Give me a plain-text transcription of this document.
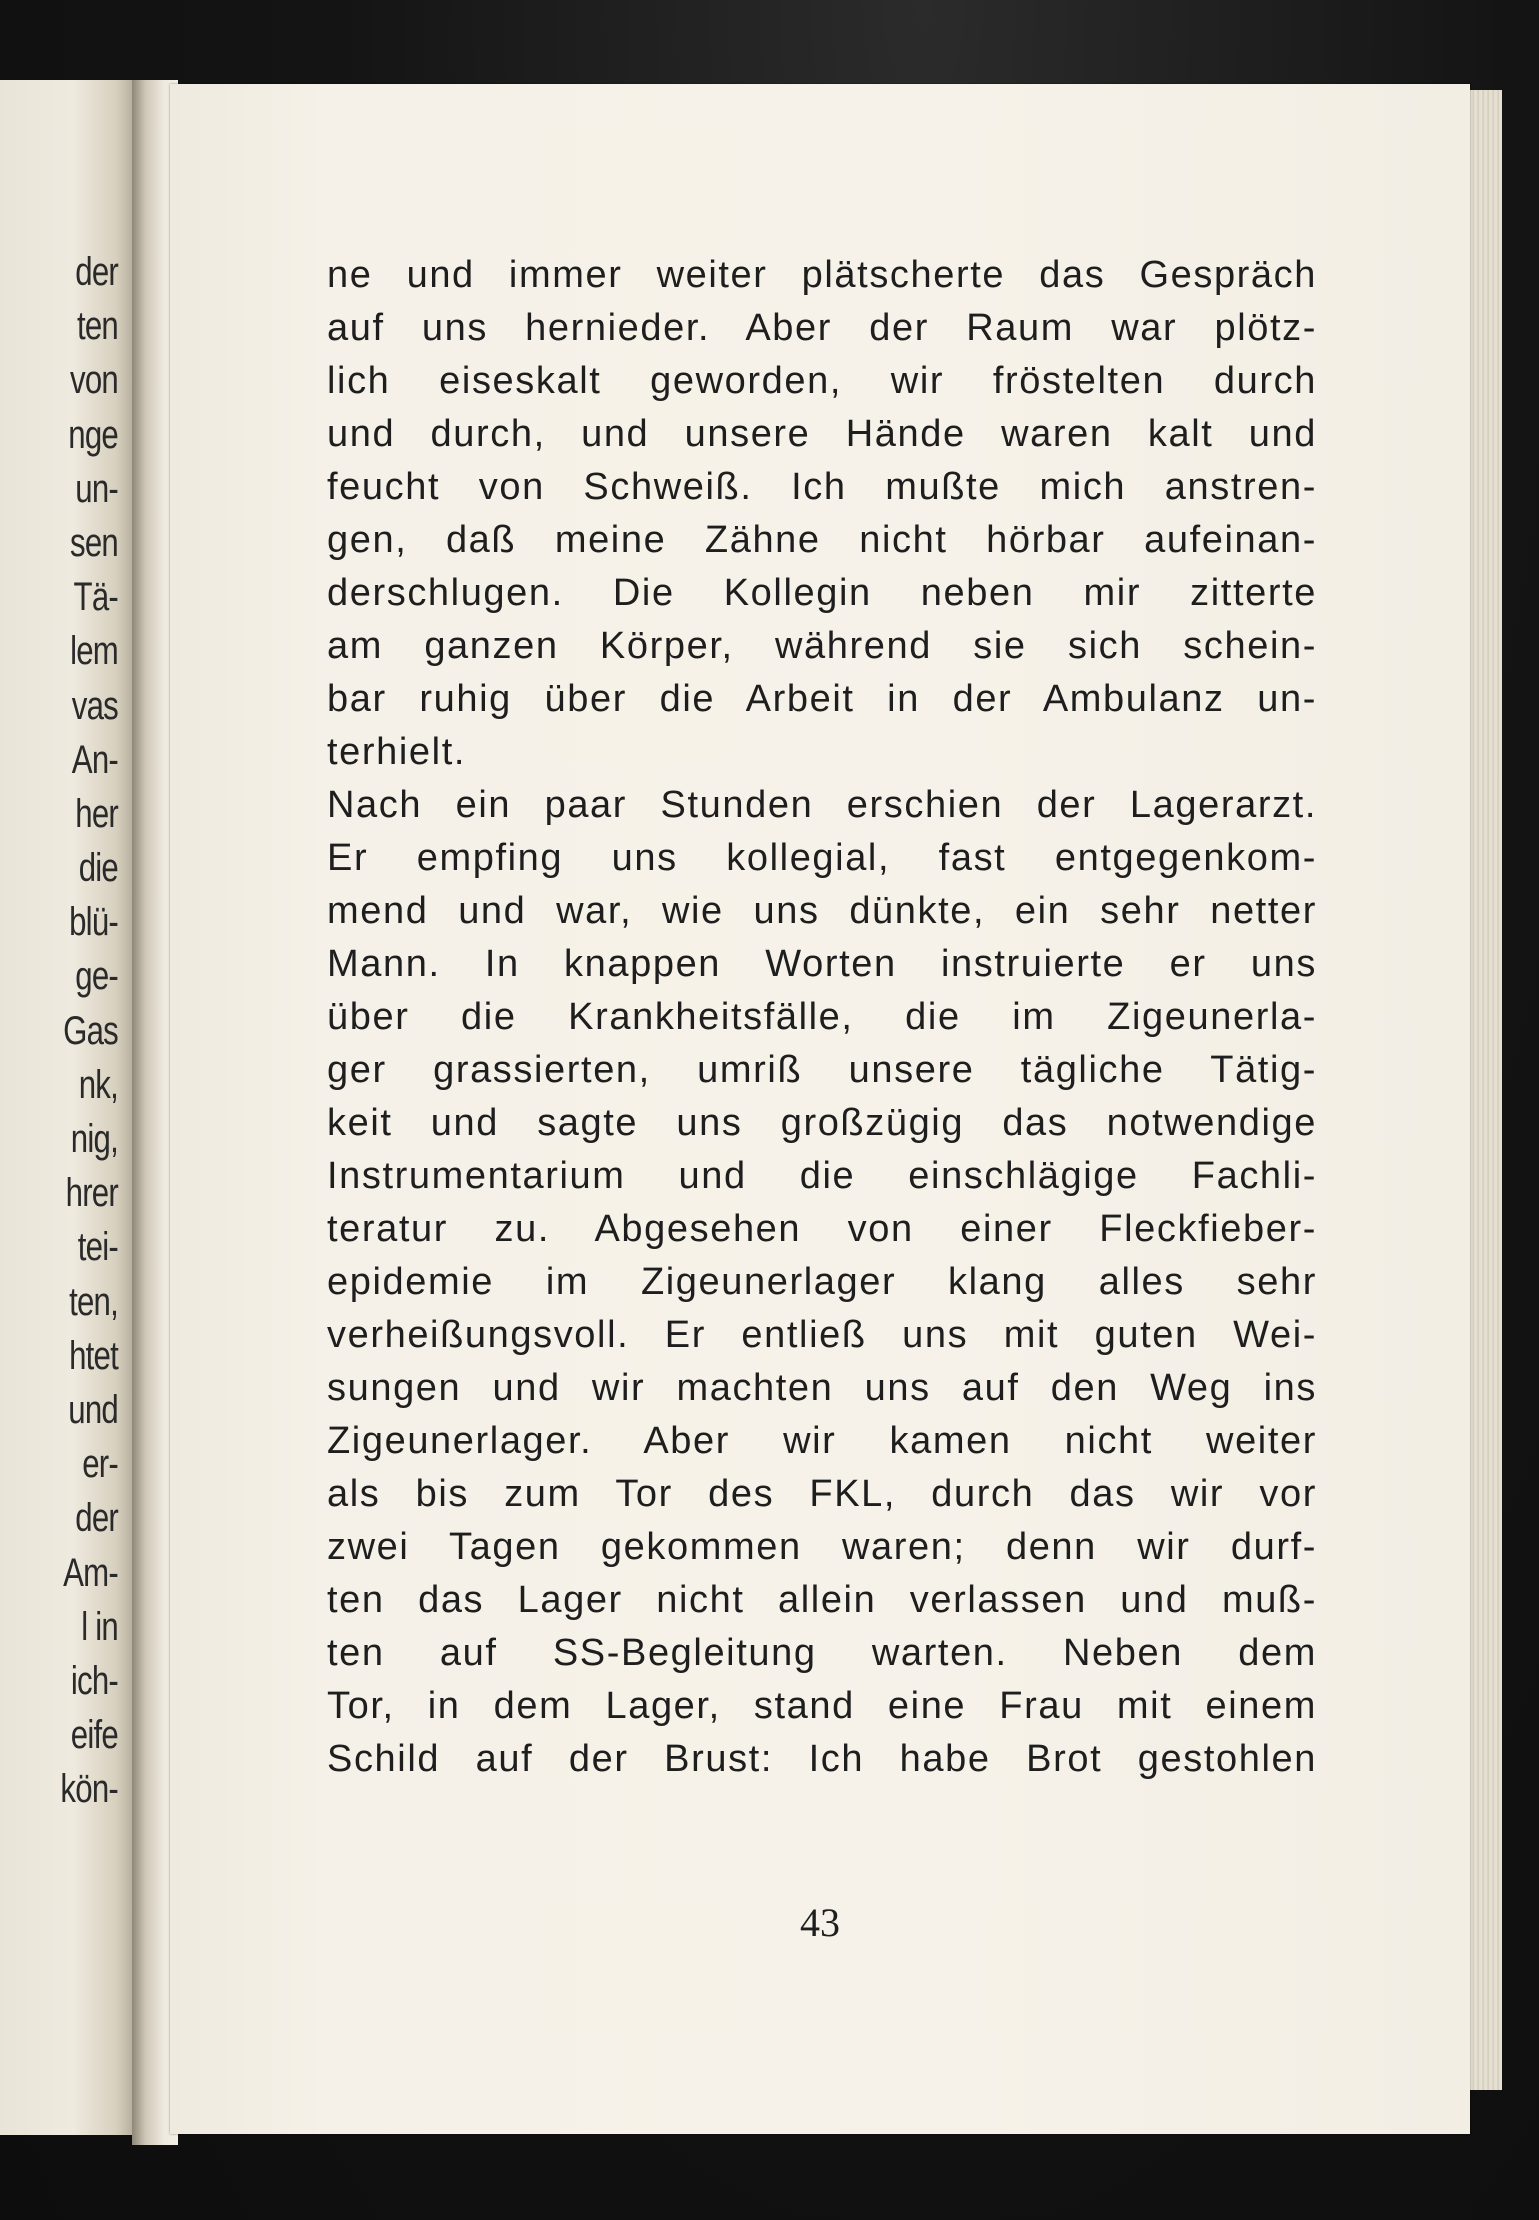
der
ten
von
nge
un-
sen
Tä-
lem
vas
An-
her
die
blü-
ge-
Gas
nk,
nig,
hrer
tei-
ten,
htet
und
er-
der
Am-
l in
ich-
eife
kön-
ne und immer weiter plätscherte das Gespräch
auf uns hernieder. Aber der Raum war plötz-
lich eiseskalt geworden, wir fröstelten durch
und durch, und unsere Hände waren kalt und
feucht von Schweiß. Ich mußte mich anstren-
gen, daß meine Zähne nicht hörbar aufeinan-
derschlugen. Die Kollegin neben mir zitterte
am ganzen Körper, während sie sich schein-
bar ruhig über die Arbeit in der Ambulanz un-
terhielt.
Nach ein paar Stunden erschien der Lagerarzt.
Er empfing uns kollegial, fast entgegenkom-
mend und war, wie uns dünkte, ein sehr netter
Mann. In knappen Worten instruierte er uns
über die Krankheitsfälle, die im Zigeunerla-
ger grassierten, umriß unsere tägliche Tätig-
keit und sagte uns großzügig das notwendige
Instrumentarium und die einschlägige Fachli-
teratur zu. Abgesehen von einer Fleckfieber-
epidemie im Zigeunerlager klang alles sehr
verheißungsvoll. Er entließ uns mit guten Wei-
sungen und wir machten uns auf den Weg ins
Zigeunerlager. Aber wir kamen nicht weiter
als bis zum Tor des FKL, durch das wir vor
zwei Tagen gekommen waren; denn wir durf-
ten das Lager nicht allein verlassen und muß-
ten auf SS-Begleitung warten. Neben dem
Tor, in dem Lager, stand eine Frau mit einem
Schild auf der Brust: Ich habe Brot gestohlen
43
